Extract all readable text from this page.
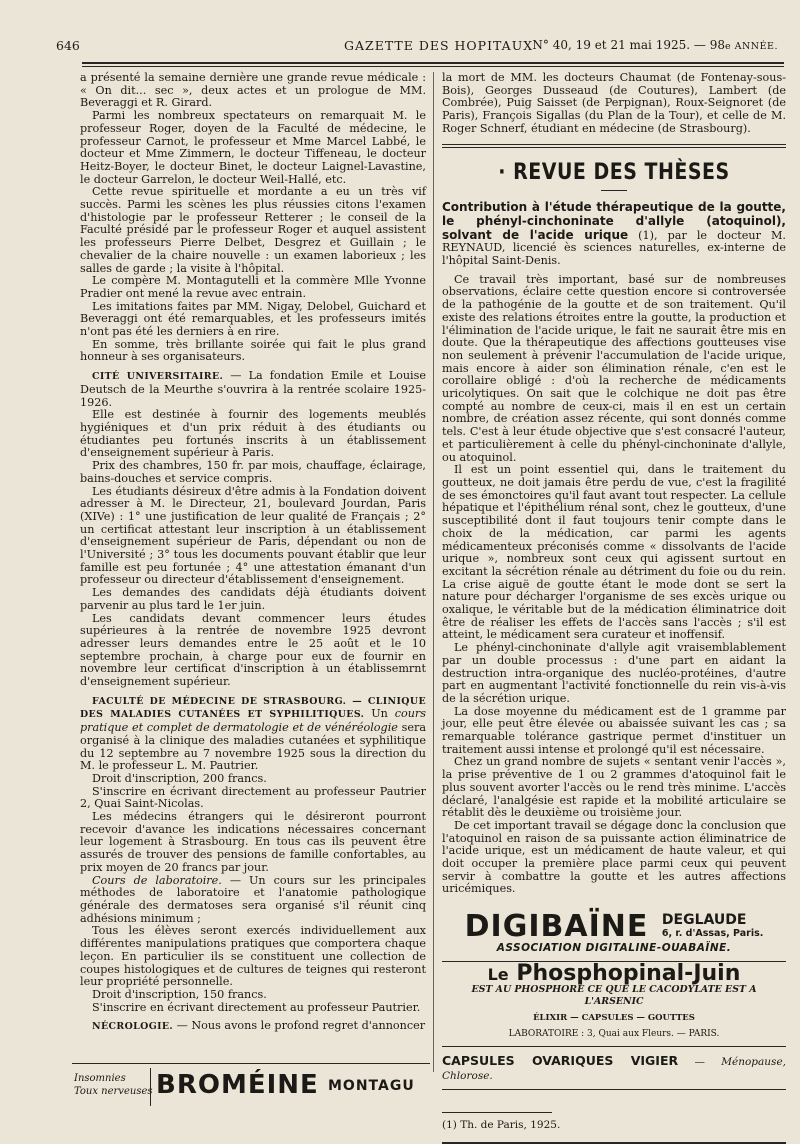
646	GAZETTE DES HOPITAUX N° 40, 19 et 21 mai 1925. — 98e ANNÉE.

a présenté la semaine dernière une grande revue médicale : « On dit... sec », deux actes et un prologue de MM. Beveraggi et R. Girard.

Parmi les nombreux spectateurs on remarquait M. le professeur Roger, doyen de la Faculté de médecine, le professeur Carnot, le professeur et Mme Marcel Labbé, le docteur et Mme Zimmern, le docteur Tiffeneau, le docteur Heitz-Boyer, le docteur Binet, le docteur Laignel-Lavastine, le docteur Garrelon, le docteur Weil-Hallé, etc.

Cette revue spirituelle et mordante a eu un très vif succès. Parmi les scènes les plus réussies citons l'examen d'histologie par le professeur Retterer ; le conseil de la Faculté présidé par le professeur Roger et auquel assistent les professeurs Pierre Delbet, Desgrez et Guillain ; le chevalier de la chaire nouvelle : un examen laborieux ; les salles de garde ; la visite à l'hôpital.

Le compère M. Montagutelli et la commère Mlle Yvonne Pradier ont mené la revue avec entrain.

Les imitations faites par MM. Nigay, Delobel, Guichard et Beveraggi ont été remarquables, et les professeurs imités n'ont pas été les derniers à en rire.

En somme, très brillante soirée qui fait le plus grand honneur à ses organisateurs.

CITÉ UNIVERSITAIRE. — La fondation Emile et Louise Deutsch de la Meurthe s'ouvrira à la rentrée scolaire 1925-1926.

Elle est destinée à fournir des logements meublés hygiéniques et d'un prix réduit à des étudiants ou étudiantes peu fortunés inscrits à un établissement d'enseignement supérieur à Paris.

Prix des chambres, 150 fr. par mois, chauffage, éclairage, bains-douches et service compris.

Les étudiants désireux d'être admis à la Fondation doivent adresser à M. le Directeur, 21, boulevard Jourdan, Paris (XIVe) : 1° une justification de leur qualité de Français ; 2° un certificat attestant leur inscription à un établissement d'enseignement supérieur de Paris, dépendant ou non de l'Université ; 3° tous les documents pouvant établir que leur famille est peu fortunée ; 4° une attestation émanant d'un professeur ou directeur d'établissement d'enseignement.

Les demandes des candidats déjà étudiants doivent parvenir au plus tard le 1er juin.

Les candidats devant commencer leurs études supérieures à la rentrée de novembre 1925 devront adresser leurs demandes entre le 25 août et le 10 septembre prochain, à charge pour eux de fournir en novembre leur certificat d'inscription à un établissemrnt d'enseignement supérieur.

FACULTÉ DE MÉDECINE DE STRASBOURG. — CLINIQUE DES MALADIES CUTANÉES ET SYPHILITIQUES. Un cours pratique et complet de dermatologie et de vénéréologie sera organisé à la clinique des maladies cutanées et syphilitique du 12 septembre au 7 novembre 1925 sous la direction du M. le professeur L. M. Pautrier.

Droit d'inscription, 200 francs.

S'inscrire en écrivant directement au professeur Pautrier 2, Quai Saint-Nicolas.

Les médecins étrangers qui le désireront pourront recevoir d'avance les indications nécessaires concernant leur logement à Strasbourg. En tous cas ils peuvent être assurés de trouver des pensions de famille confortables, au prix moyen de 20 francs par jour.

Cours de laboratoire. — Un cours sur les principales méthodes de laboratoire et l'anatomie pathologique générale des dermatoses sera organisé s'il réunit cinq adhésions minimum ;

Tous les élèves seront exercés individuellement aux différentes manipulations pratiques que comportera chaque leçon. En particulier ils se constituent une collection de coupes histologiques et de cultures de teignes qui resteront leur propriété personnelle.

Droit d'inscription, 150 francs.

S'inscrire en écrivant directement au professeur Pautrier.

NÉCROLOGIE. — Nous avons le profond regret d'annoncer

la mort de MM. les docteurs Chaumat (de Fontenay-sous-Bois), Georges Dusseaud (de Coutures), Lambert (de Combrée), Puig Saisset (de Perpignan), Roux-Seignoret (de Paris), François Sigallas (du Plan de la Tour), et celle de M. Roger Schnerf, étudiant en médecine (de Strasbourg).

· REVUE DES THÈSES

Contribution à l'étude thérapeutique de la goutte, le phényl-cinchoninate d'allyle (atoquinol), solvant de l'acide urique (1), par le docteur M. REYNAUD, licencié ès sciences naturelles, ex-interne de l'hôpital Saint-Denis.

Ce travail très important, basé sur de nombreuses observations, éclaire cette question encore si controversée de la pathogénie de la goutte et de son traitement. Qu'il existe des relations étroites entre la goutte, la production et l'élimination de l'acide urique, le fait ne saurait être mis en doute. Que la thérapeutique des affections goutteuses vise non seulement à prévenir l'accumulation de l'acide urique, mais encore à aider son élimination rénale, c'en est le corollaire obligé : d'où la recherche de médicaments uricolytiques. On sait que le colchique ne doit pas être compté au nombre de ceux-ci, mais il en est un certain nombre, de création assez récente, qui sont donnés comme tels. C'est à leur étude objective que s'est consacré l'auteur, et particulièrement à celle du phényl-cinchoninate d'allyle, ou atoquinol.

Il est un point essentiel qui, dans le traitement du goutteux, ne doit jamais être perdu de vue, c'est la fragilité de ses émonctoires qu'il faut avant tout respecter. La cellule hépatique et l'épithélium rénal sont, chez le goutteux, d'une susceptibilité dont il faut toujours tenir compte dans le choix de la médication, car parmi les agents médicamenteux préconisés comme « dissolvants de l'acide urique », nombreux sont ceux qui agissent surtout en excitant la sécrétion rénale au détriment du foie ou du rein. La crise aiguë de goutte étant le mode dont se sert la nature pour décharger l'organisme de ses excès urique ou oxalique, le véritable but de la médication éliminatrice doit être de réaliser les effets de l'accès sans l'accès ; s'il est atteint, le médicament sera curateur et inoffensif.

Le phényl-cinchoninate d'allyle agit vraisemblablement par un double processus : d'une part en aidant la destruction intra-organique des nucléo-protéines, d'autre part en augmentant l'activité fonctionnelle du rein vis-à-vis de la sécrétion urique.

La dose moyenne du médicament est de 1 gramme par jour, elle peut être élevée ou abaissée suivant les cas ; sa remarquable tolérance gastrique permet d'instituer un traitement aussi intense et prolongé qu'il est nécessaire.

Chez un grand nombre de sujets « sentant venir l'accès », la prise préventive de 1 ou 2 grammes d'atoquinol fait le plus souvent avorter l'accès ou le rend très minime. L'accès déclaré, l'analgésie est rapide et la mobilité articulaire se rétablit dès le deuxième ou troisième jour.

De cet important travail se dégage donc la conclusion que l'atoquinol en raison de sa puissante action éliminatrice de l'acide urique, est un médicament de haute valeur, et qui doit occuper la première place parmi ceux qui peuvent servir à combattre la goutte et les autres affections uricémiques.

DIGIBAÏNE DEGLAUDE
6, r. d'Assas, Paris.
ASSOCIATION DIGITALINE-OUABAÏNE.
Le Phosphopinal-Juin
EST AU PHOSPHORE CE QUE LE CACODYLATE EST A L'ARSENIC
ÉLIXIR — CAPSULES — GOUTTES
LABORATOIRE : 3, Quai aux Fleurs. — PARIS.
CAPSULES OVARIQUES VIGIER — Ménopause, Chlorose.
(1) Th. de Paris, 1925.
Insomnies
Toux nerveuses BROMÉINE MONTAGU
